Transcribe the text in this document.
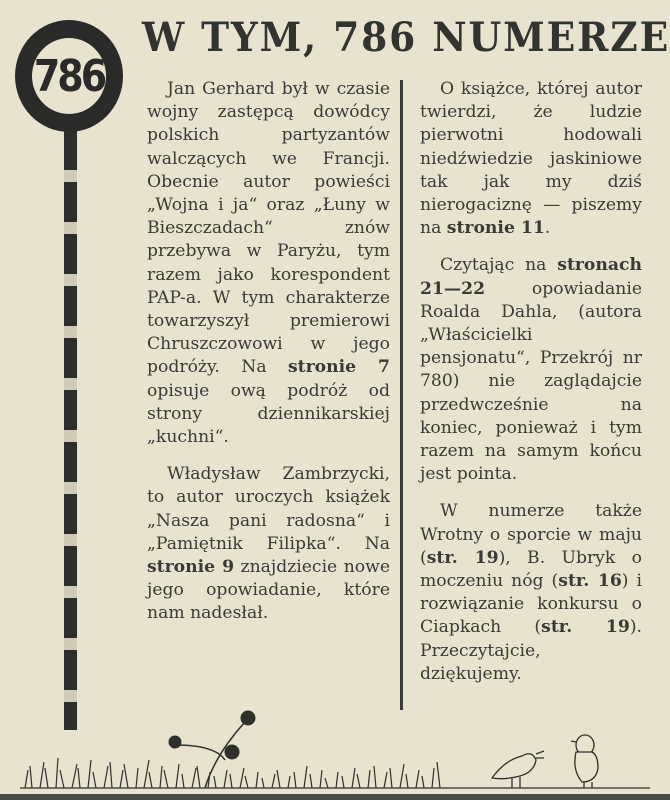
786
W TYM, 786 NUMERZE

Jan Gerhard był w czasie wojny zastępcą dowódcy polskich partyzantów walczących we Francji. Obecnie autor powieści „Wojna i ja“ oraz „Łuny w Bieszczadach“ znów przebywa w Paryżu, tym razem jako korespondent PAP-a. W tym charakterze towarzyszył premierowi Chruszczowowi w jego podróży. Na stronie 7 opisuje ową podróż od strony dziennikarskiej „kuchni“.

Władysław Zambrzycki, to autor uroczych książek „Nasza pani radosna“ i „Pamiętnik Filipka“. Na stronie 9 znajdziecie nowe jego opowiadanie, które nam nadesłał.

O książce, której autor twierdzi, że ludzie pierwotni hodowali niedźwiedzie jaskiniowe tak jak my dziś nierogaciznę — piszemy na stronie 11.

Czytając na stronach 21—22 opowiadanie Roalda Dahla, (autora „Właścicielki pensjonatu“, Przekrój nr 780) nie zaglądajcie przedwcześnie na koniec, ponieważ i tym razem na samym końcu jest pointa.

W numerze także Wrotny o sporcie w maju (str. 19), B. Ubryk o moczeniu nóg (str. 16) i rozwiązanie konkursu o Ciapkach (str. 19). Przeczytajcie, dziękujemy.
